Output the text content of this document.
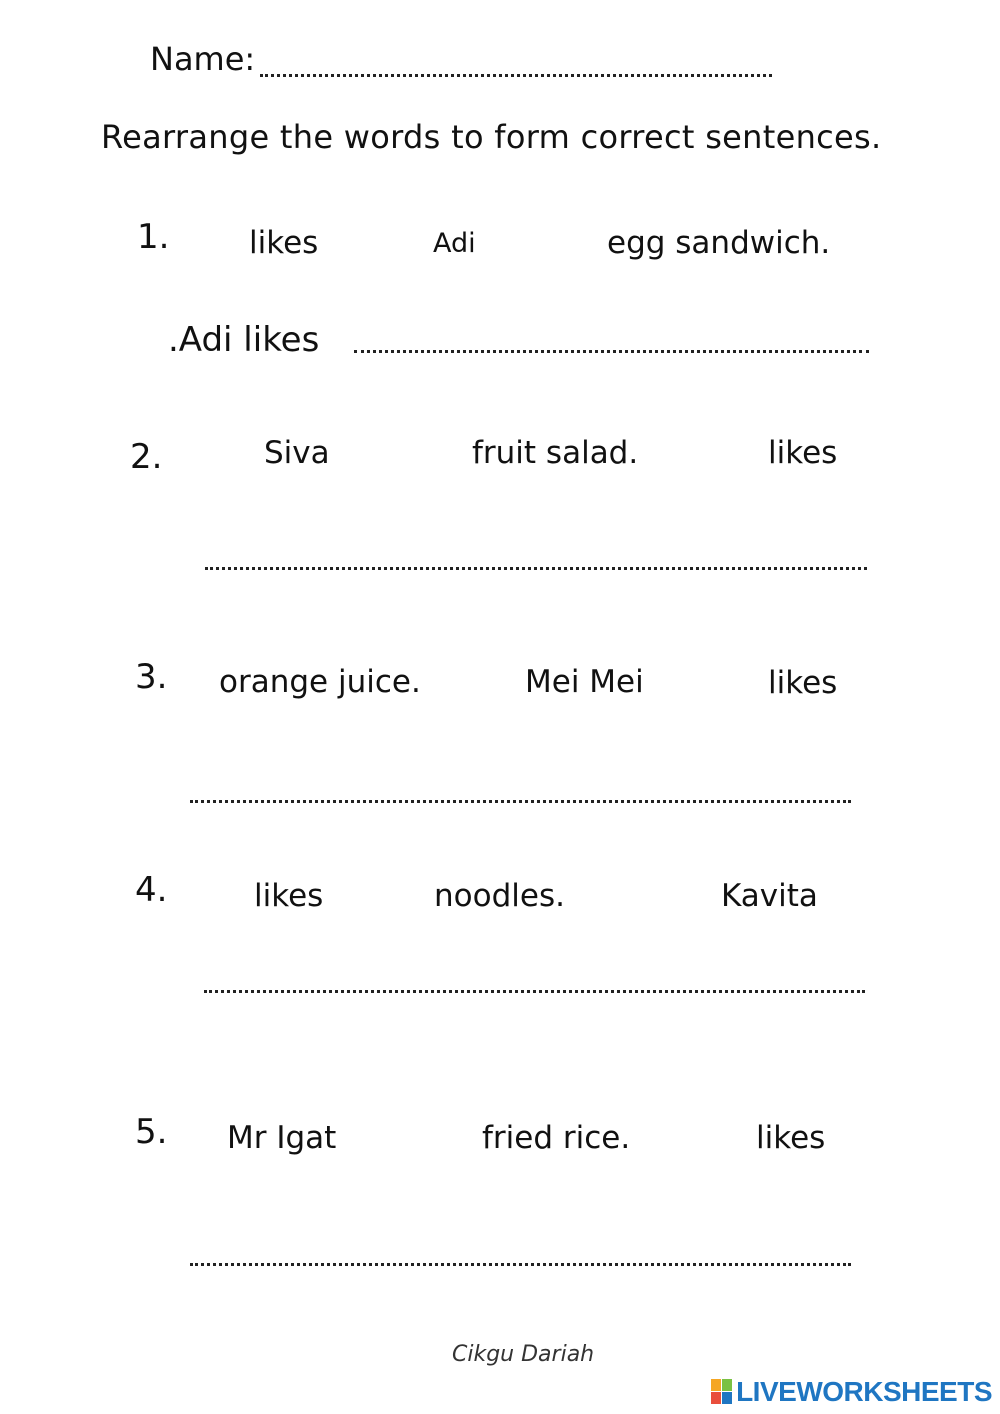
Name:
Rearrange the words to form correct sentences.
1.	likes	Adi	egg sandwich.
.Adi likes
2.	Siva	fruit salad.	likes
3. orange juice.	Mei Mei	likes
4.	likes	noodles.	Kavita
5. Mr Igat	fried rice.	likes
Cikgu Dariah
LIVEWORKSHEETS
